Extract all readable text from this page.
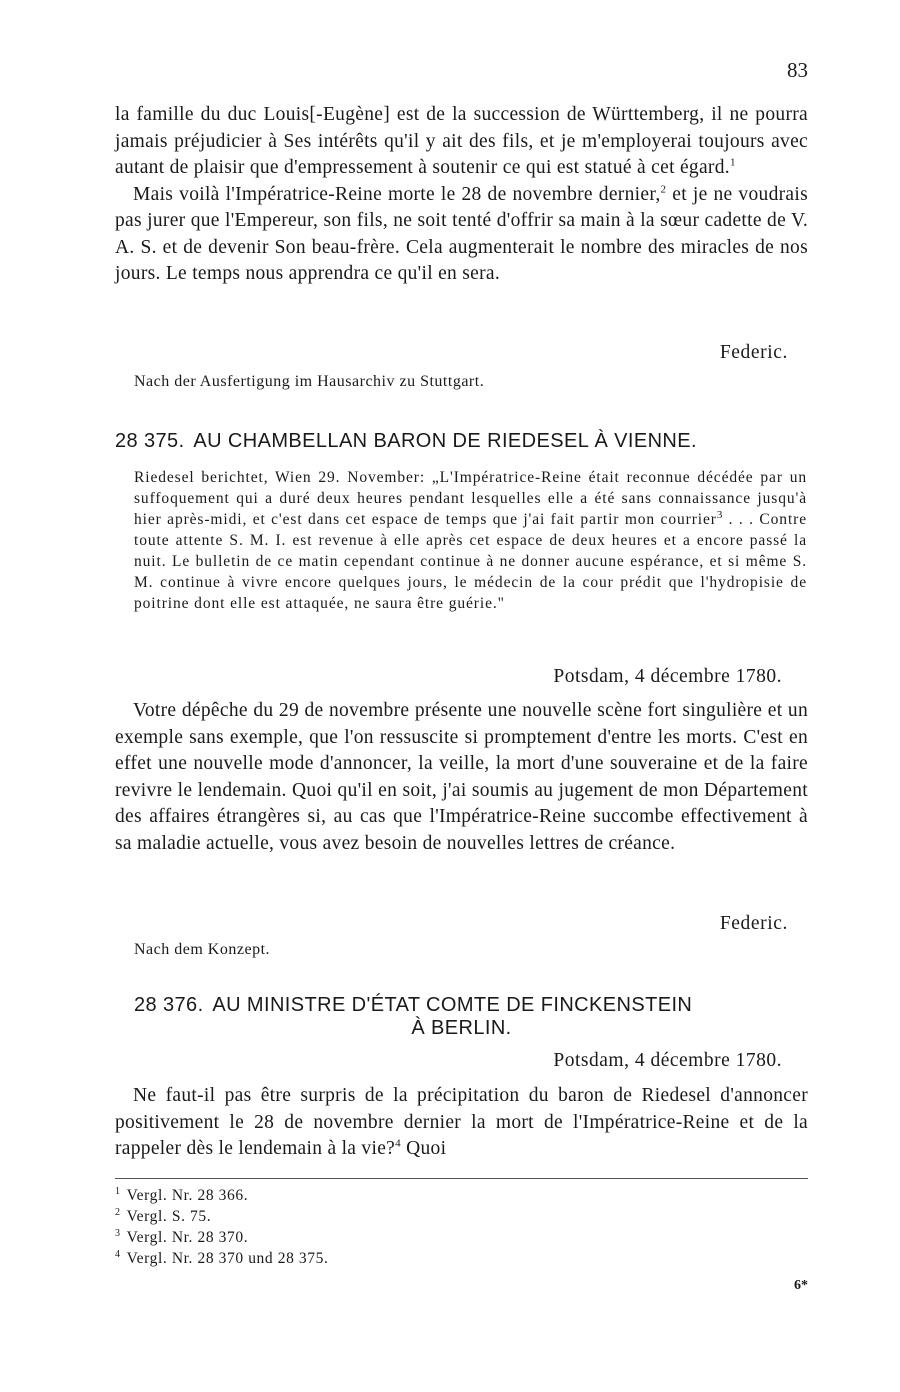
83

la famille du duc Louis[-Eugène] est de la succession de Württemberg, il ne pourra jamais préjudicier à Ses intérêts qu'il y ait des fils, et je m'employerai toujours avec autant de plaisir que d'empressement à soutenir ce qui est statué à cet égard.$^1$

Mais voilà l'Impératrice-Reine morte le 28 de novembre dernier,$^2$ et je ne voudrais pas jurer que l'Empereur, son fils, ne soit tenté d'offrir sa main à la sœur cadette de V. A. S. et de devenir Son beau-frère. Cela augmenterait le nombre des miracles de nos jours. Le temps nous apprendra ce qu'il en sera.

Federic.
Nach der Ausfertigung im Hausarchiv zu Stuttgart.
28 375. AU CHAMBELLAN BARON DE RIEDESEL À VIENNE.
Riedesel berichtet, Wien 29. November: „L'Impératrice-Reine était reconnue décédée par un suffoquement qui a duré deux heures pendant lesquelles elle a été sans connaissance jusqu'à hier après-midi, et c'est dans cet espace de temps que j'ai fait partir mon courrier$^3$ . . . Contre toute attente S. M. I. est revenue à elle après cet espace de deux heures et a encore passé la nuit. Le bulletin de ce matin cependant continue à ne donner aucune espérance, et si même S. M. continue à vivre encore quelques jours, le médecin de la cour prédit que l'hydropisie de poitrine dont elle est attaquée, ne saura être guérie."
Potsdam, 4 décembre 1780.

Votre dépêche du 29 de novembre présente une nouvelle scène fort singulière et un exemple sans exemple, que l'on ressuscite si promptement d'entre les morts. C'est en effet une nouvelle mode d'annoncer, la veille, la mort d'une souveraine et de la faire revivre le lendemain. Quoi qu'il en soit, j'ai soumis au jugement de mon Département des affaires étrangères si, au cas que l'Impératrice-Reine succombe effectivement à sa maladie actuelle, vous avez besoin de nouvelles lettres de créance.

Federic.
Nach dem Konzept.
28 376. AU MINISTRE D'ÉTAT COMTE DE FINCKENSTEIN
À BERLIN.
Potsdam, 4 décembre 1780.

Ne faut-il pas être surpris de la précipitation du baron de Riedesel d'annoncer positivement le 28 de novembre dernier la mort de l'Impératrice-Reine et de la rappeler dès le lendemain à la vie?$^4$ Quoi

$^1$ Vergl. Nr. 28 366.
$^2$ Vergl. S. 75.
$^3$ Vergl. Nr. 28 370.
$^4$ Vergl. Nr. 28 370 und 28 375.
6*
